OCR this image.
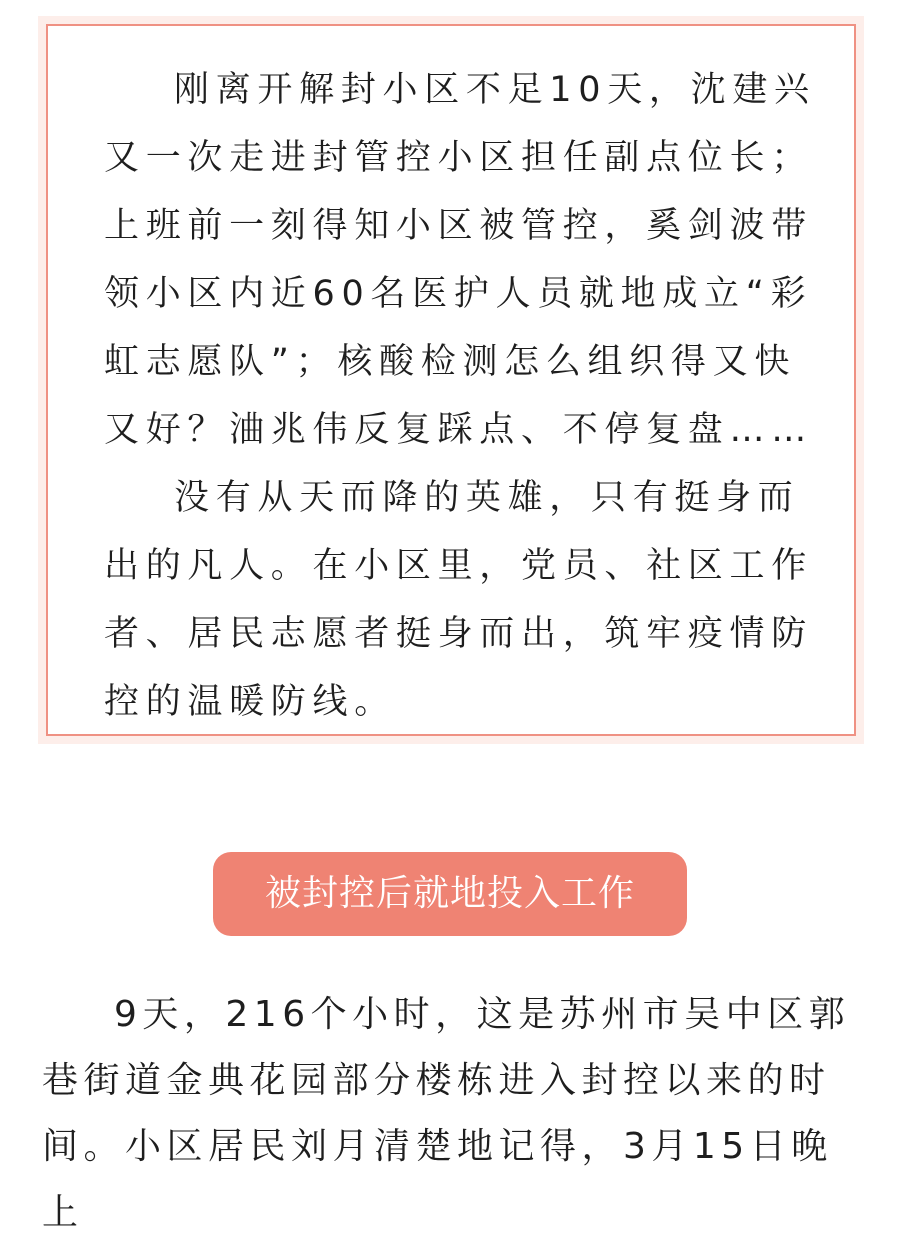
刚离开解封小区不足10天，沈建兴又一次走进封管控小区担任副点位长；上班前一刻得知小区被管控，奚剑波带领小区内近60名医护人员就地成立“彩虹志愿队”；核酸检测怎么组织得又快又好？浀兆伟反复踩点、不停复盘……

没有从天而降的英雄，只有挺身而出的凡人。在小区里，党员、社区工作者、居民志愿者挺身而出，筑牢疫情防控的温暖防线。

被封控后就地投入工作

9天，216个小时，这是苏州市吴中区郭巷街道金典花园部分楼栋进入封控以来的时间。小区居民刘月清楚地记得，3月15日晚上
